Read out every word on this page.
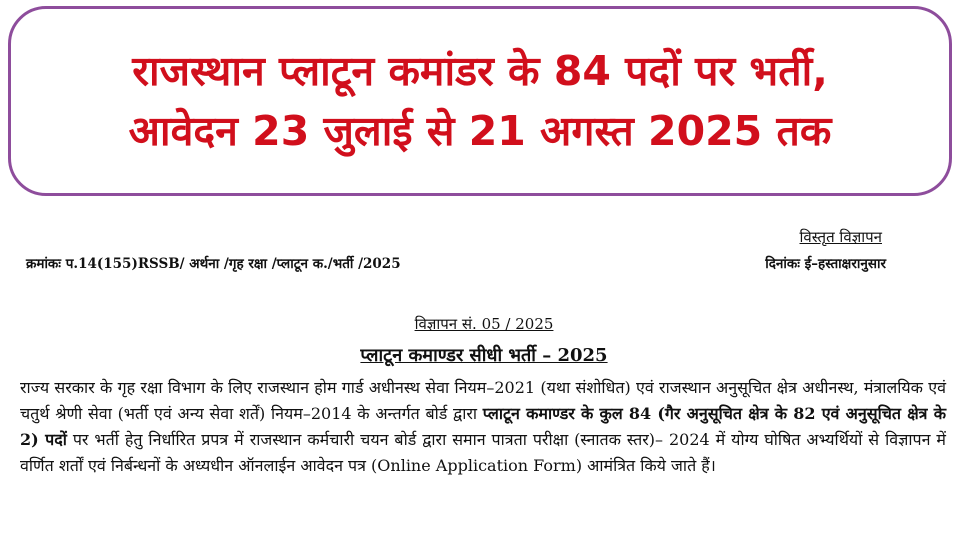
राजस्थान प्लाटून कमांडर के 84 पदों पर भर्ती,
आवेदन 23 जुलाई से 21 अगस्त 2025 तक
विस्तृत विज्ञापन
क्रमांकः प.14(155)RSSB/ अर्थना /गृह रक्षा /प्लाटून क./भर्ती /2025	दिनांकः ई–हस्ताक्षरानुसार
विज्ञापन सं. 05 / 2025
प्लाटून कमाण्डर सीधी भर्ती – 2025
राज्य सरकार के गृह रक्षा विभाग के लिए राजस्थान होम गार्ड अधीनस्थ सेवा नियम–2021 (यथा संशोधित) एवं राजस्थान अनुसूचित क्षेत्र अधीनस्थ, मंत्रालयिक एवं चतुर्थ श्रेणी सेवा (भर्ती एवं अन्य सेवा शर्तें) नियम–2014 के अन्तर्गत बोर्ड द्वारा प्लाटून कमाण्डर के कुल 84 (गैर अनुसूचित क्षेत्र के 82 एवं अनुसूचित क्षेत्र के 2) पदों पर भर्ती हेतु निर्धारित प्रपत्र में राजस्थान कर्मचारी चयन बोर्ड द्वारा समान पात्रता परीक्षा (स्नातक स्तर)– 2024 में योग्य घोषित अभ्यर्थियों से विज्ञापन में वर्णित शर्तों एवं निर्बन्धनों के अध्यधीन ऑनलाईन आवेदन पत्र (Online Application Form) आमंत्रित किये जाते हैं।
